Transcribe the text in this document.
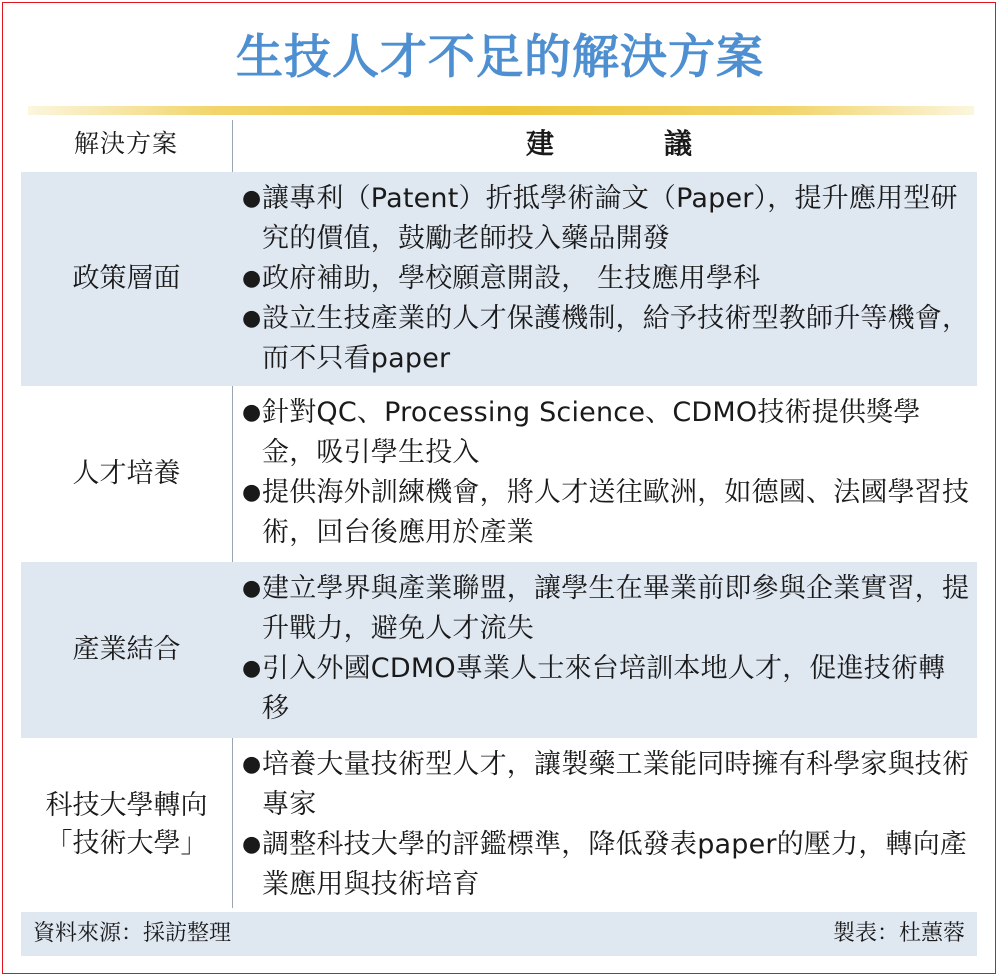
生技人才不足的解決方案
解決方案	建議
政策層面
● 讓專利（Patent）折抵學術論文（Paper），提升應用型研究的價值，鼓勵老師投入藥品開發
● 政府補助，學校願意開設， 生技應用學科
● 設立生技產業的人才保護機制，給予技術型教師升等機會，而不只看paper
人才培養
● 針對QC、Processing Science、CDMO技術提供獎學金，吸引學生投入
● 提供海外訓練機會，將人才送往歐洲，如德國、法國學習技術，回台後應用於產業
產業結合
● 建立學界與產業聯盟，讓學生在畢業前即參與企業實習，提升戰力，避免人才流失
● 引入外國CDMO專業人士來台培訓本地人才，促進技術轉移
科技大學轉向
「技術大學」
● 培養大量技術型人才，讓製藥工業能同時擁有科學家與技術專家
● 調整科技大學的評鑑標準，降低發表paper的壓力，轉向產業應用與技術培育
資料來源：採訪整理	製表：杜蕙蓉
